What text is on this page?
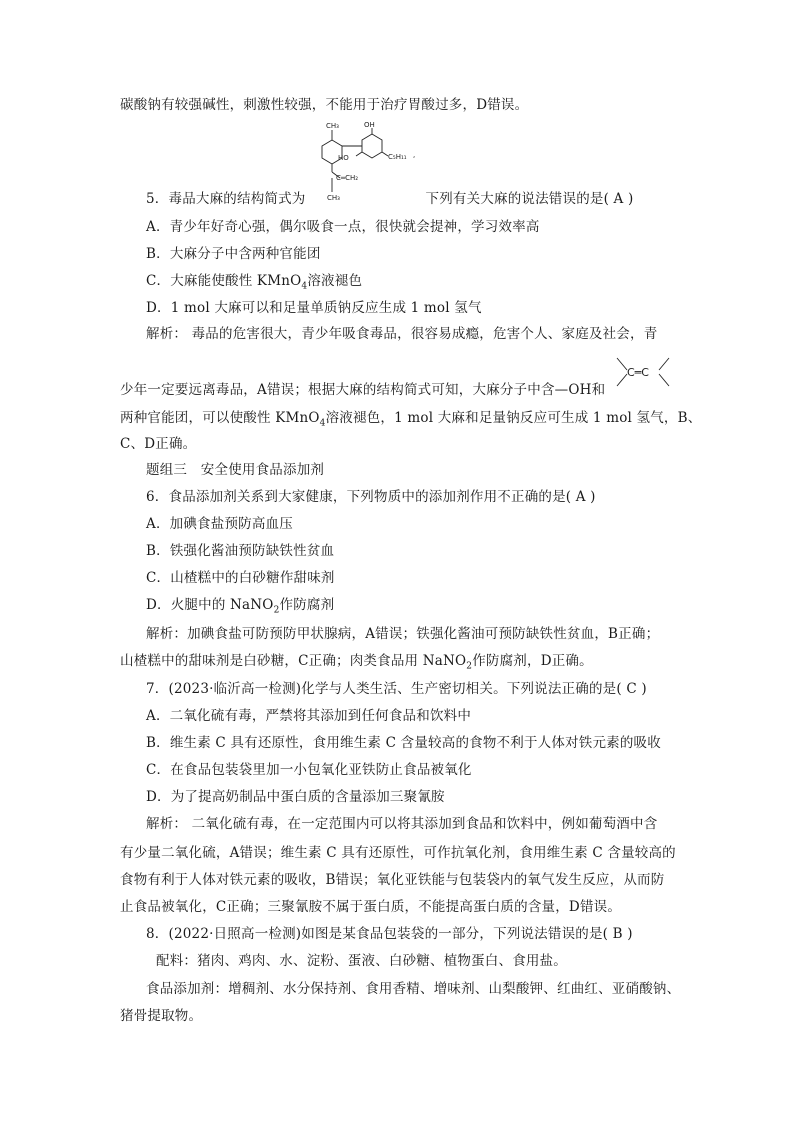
碳酸钠有较强碱性，刺激性较强，不能用于治疗胃酸过多，D错误。
CH₃	OH
HO	C₅H₁₁ ,
C═CH₂
CH₃
5．毒品大麻的结构简式为	下列有关大麻的说法错误的是( A )
A．青少年好奇心强，偶尔吸食一点，很快就会提神，学习效率高
B．大麻分子中含两种官能团
C．大麻能使酸性 KMnO$_4$溶液褪色
D．1 mol 大麻可以和足量单质钠反应生成 1 mol 氢气
解析： 毒品的危害很大，青少年吸食毒品，很容易成瘾，危害个人、家庭及社会，青
C═C
少年一定要远离毒品，A错误；根据大麻的结构简式可知，大麻分子中含—OH和
两种官能团，可以使酸性 KMnO$_4$溶液褪色，1 mol 大麻和足量钠反应可生成 1 mol 氢气，B、
C、D正确。
题组三　安全使用食品添加剂
6．食品添加剂关系到大家健康，下列物质中的添加剂作用不正确的是( A )
A．加碘食盐预防高血压
B．铁强化酱油预防缺铁性贫血
C．山楂糕中的白砂糖作甜味剂
D．火腿中的 NaNO$_2$作防腐剂
解析：加碘食盐可防预防甲状腺病，A错误；铁强化酱油可预防缺铁性贫血，B正确；
山楂糕中的甜味剂是白砂糖，C正确；肉类食品用 NaNO$_2$作防腐剂，D正确。
7．(2023·临沂高一检测)化学与人类生活、生产密切相关。下列说法正确的是( C )
A．二氧化硫有毒，严禁将其添加到任何食品和饮料中
B．维生素 C 具有还原性，食用维生素 C 含量较高的食物不利于人体对铁元素的吸收
C．在食品包装袋里加一小包氧化亚铁防止食品被氧化
D．为了提高奶制品中蛋白质的含量添加三聚氰胺
解析： 二氧化硫有毒，在一定范围内可以将其添加到食品和饮料中，例如葡萄酒中含
有少量二氧化硫，A错误；维生素 C 具有还原性，可作抗氧化剂，食用维生素 C 含量较高的
食物有利于人体对铁元素的吸收，B错误；氧化亚铁能与包装袋内的氧气发生反应，从而防
止食品被氧化，C正确；三聚氰胺不属于蛋白质，不能提高蛋白质的含量，D错误。
8．(2022·日照高一检测)如图是某食品包装袋的一部分，下列说法错误的是( B )
配料：猪肉、鸡肉、水、淀粉、蛋液、白砂糖、植物蛋白、食用盐。
食品添加剂：增稠剂、水分保持剂、食用香精、增味剂、山梨酸钾、红曲红、亚硝酸钠、
猪骨提取物。
